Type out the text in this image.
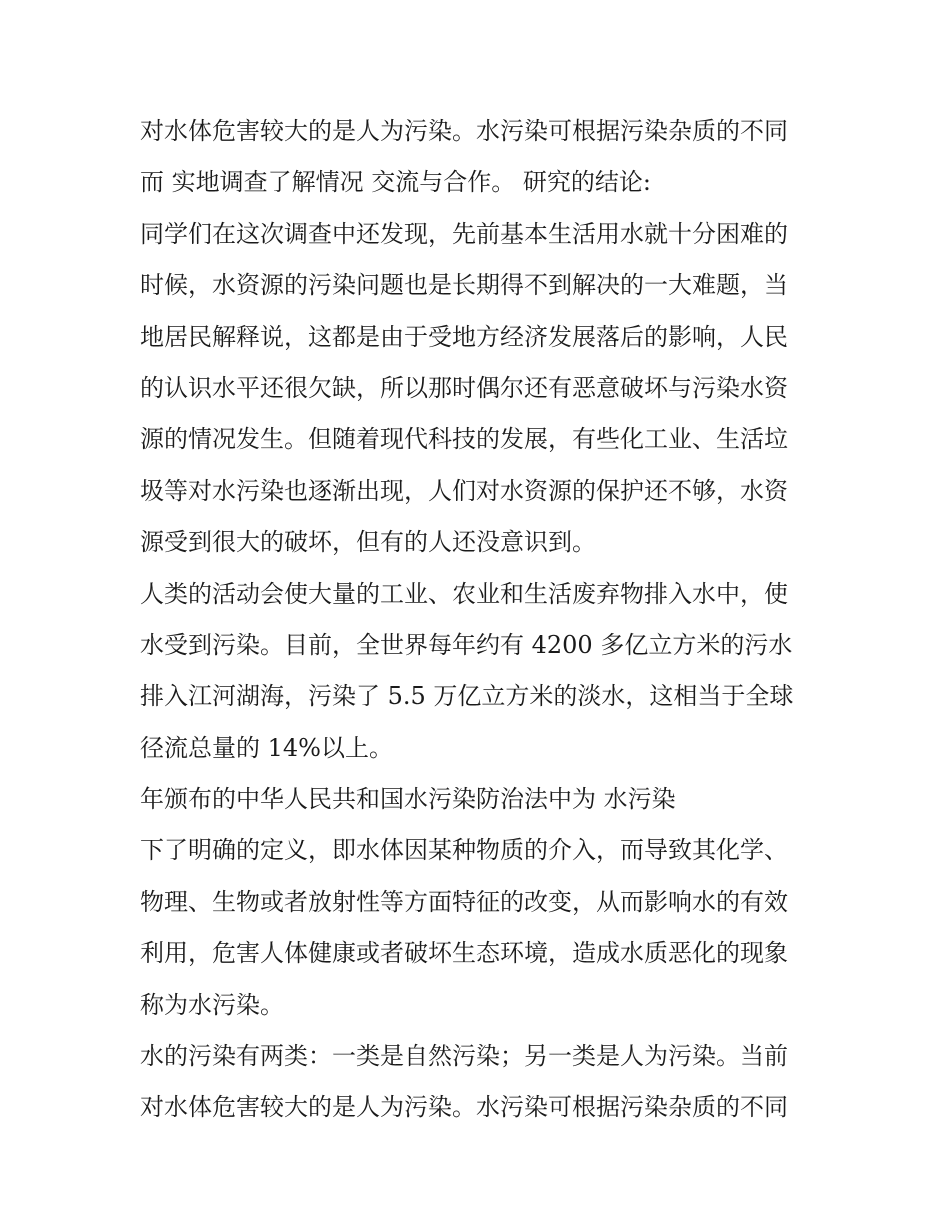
对水体危害较大的是人为污染。水污染可根据污染杂质的不同
而 实地调查了解情况 交流与合作。 研究的结论:
同学们在这次调查中还发现，先前基本生活用水就十分困难的
时候，水资源的污染问题也是长期得不到解决的一大难题，当
地居民解释说，这都是由于受地方经济发展落后的影响，人民
的认识水平还很欠缺，所以那时偶尔还有恶意破坏与污染水资
源的情况发生。但随着现代科技的发展，有些化工业、生活垃
圾等对水污染也逐渐出现，人们对水资源的保护还不够，水资
源受到很大的破坏，但有的人还没意识到。
人类的活动会使大量的工业、农业和生活废弃物排入水中，使
水受到污染。目前，全世界每年约有 4200 多亿立方米的污水
排入江河湖海，污染了 5.5 万亿立方米的淡水，这相当于全球
径流总量的 14%以上。
年颁布的中华人民共和国水污染防治法中为 水污染
下了明确的定义，即水体因某种物质的介入，而导致其化学、
物理、生物或者放射性等方面特征的改变，从而影响水的有效
利用，危害人体健康或者破坏生态环境，造成水质恶化的现象
称为水污染。
水的污染有两类：一类是自然污染；另一类是人为污染。当前
对水体危害较大的是人为污染。水污染可根据污染杂质的不同
